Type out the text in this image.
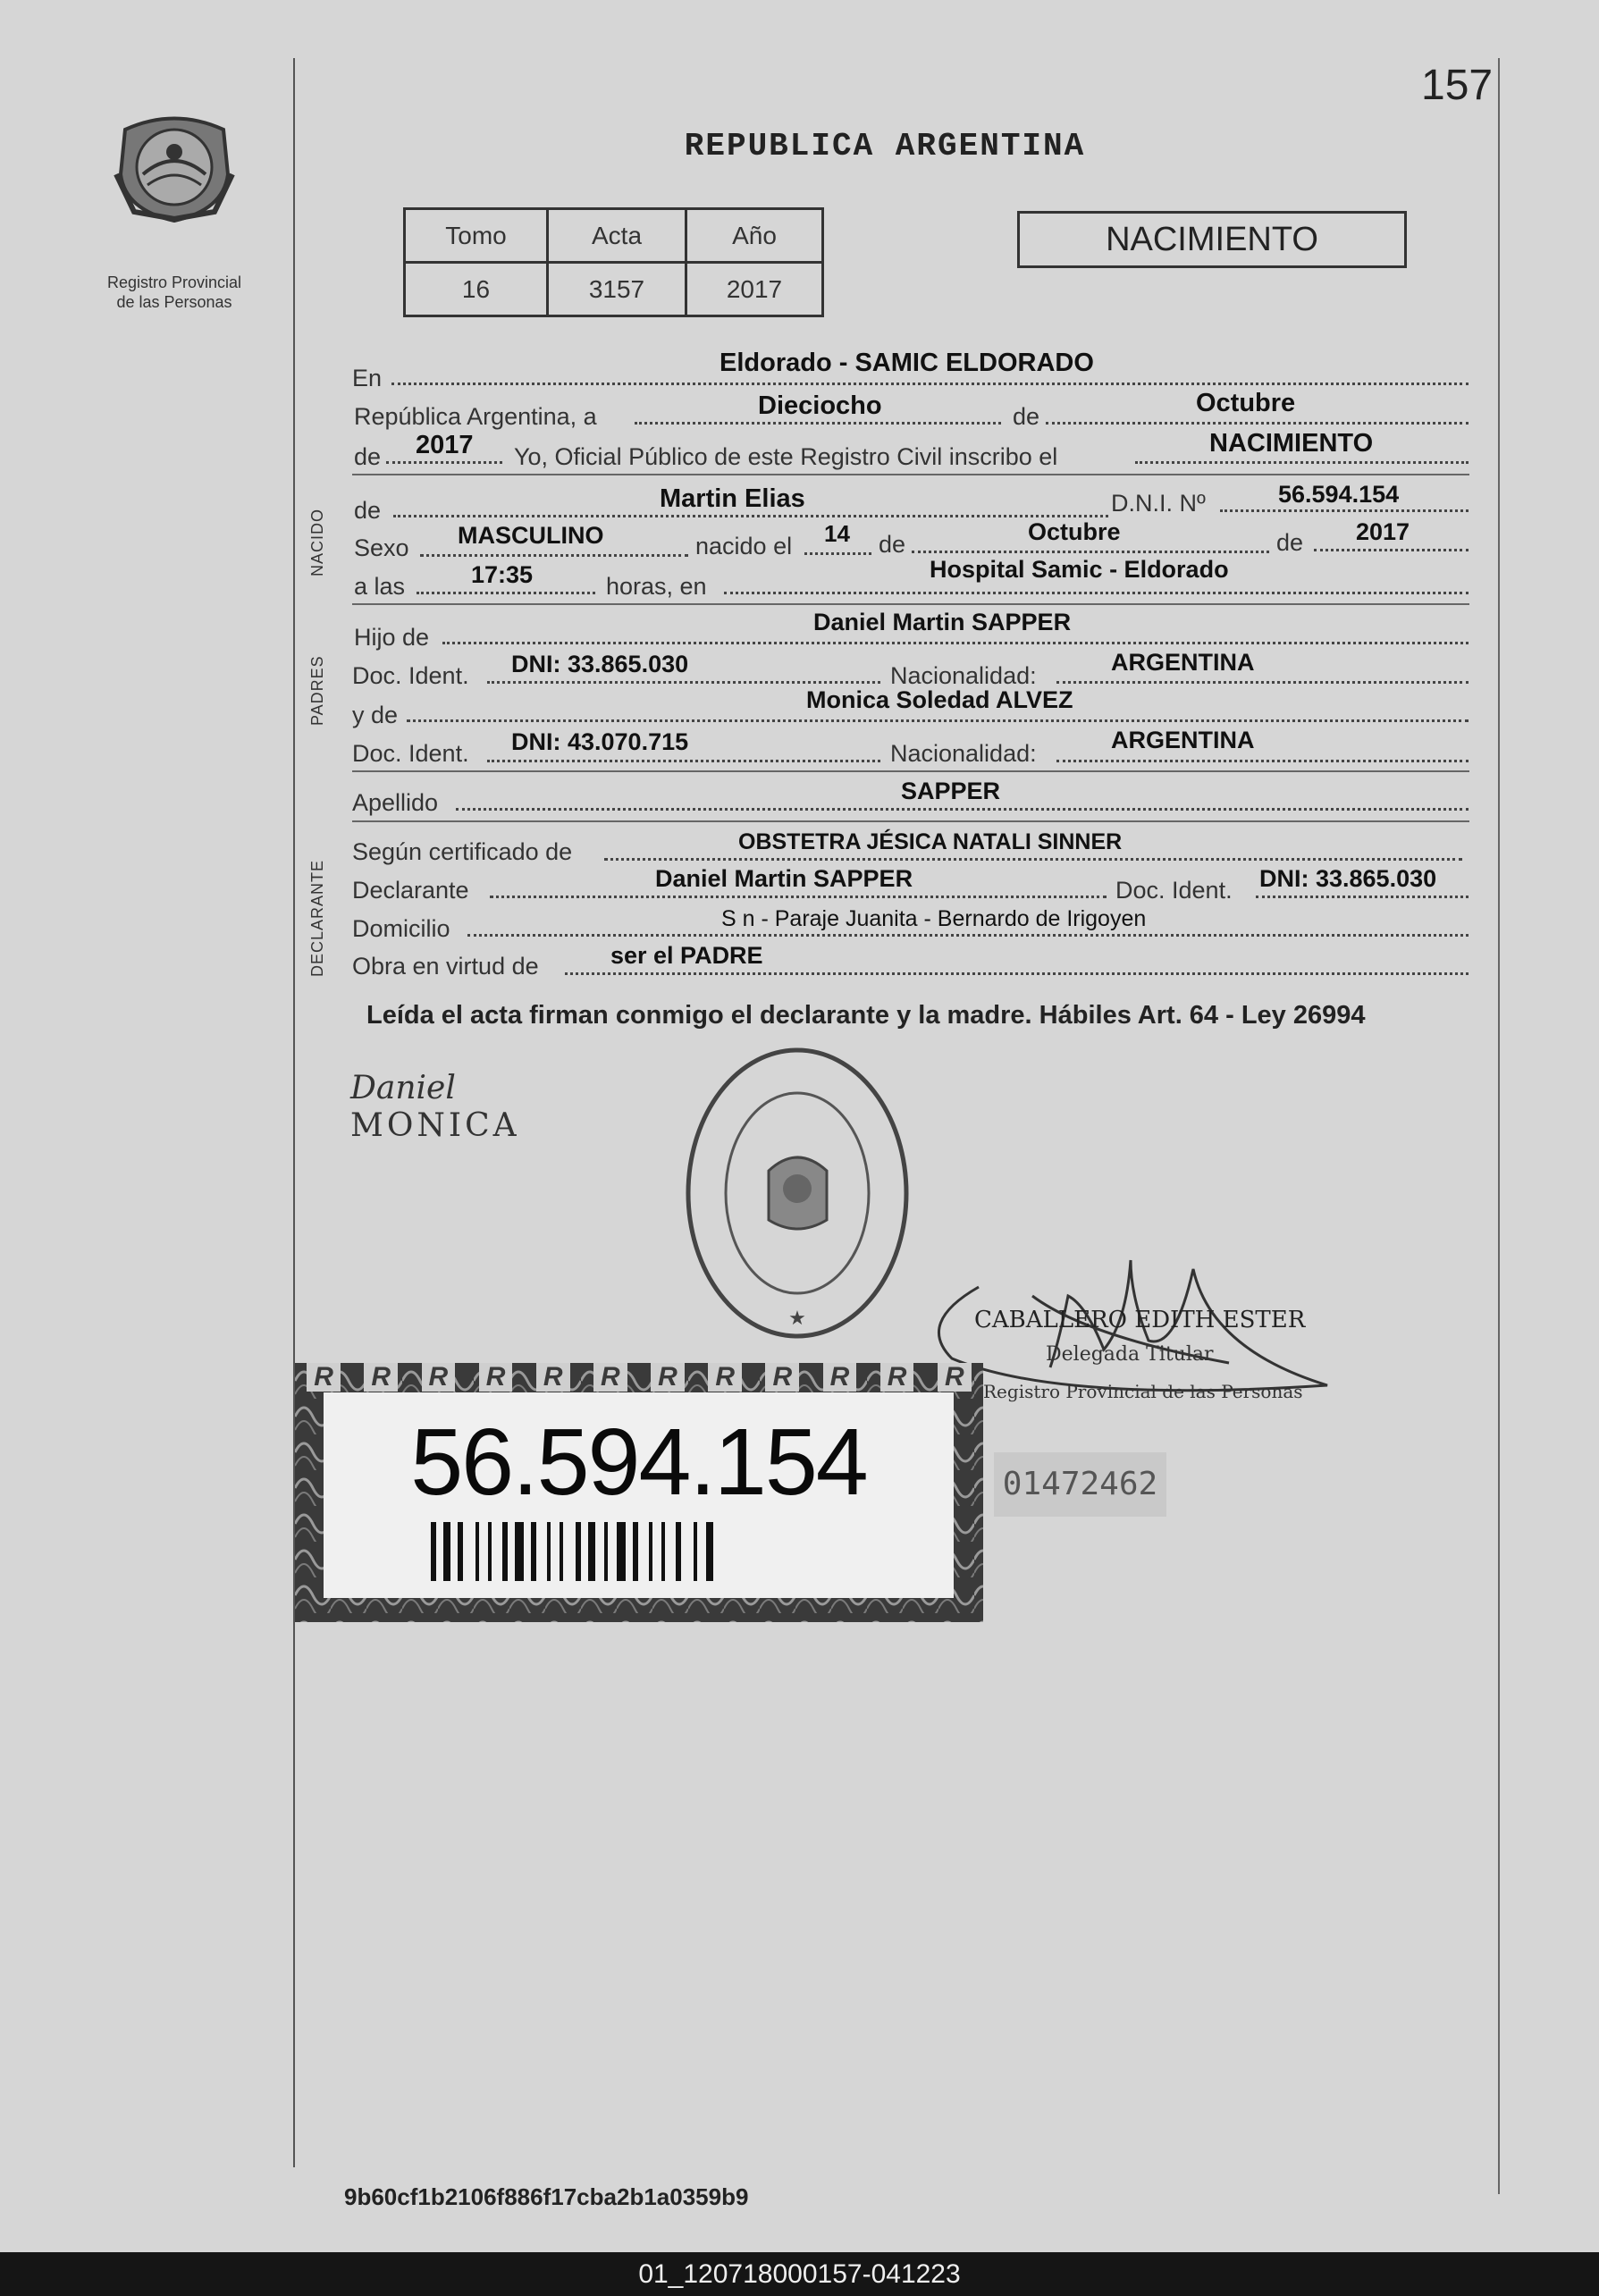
157
REPUBLICA ARGENTINA
Registro Provincial
de las Personas
Tomo	Acta	Año
16	3157	2017
NACIMIENTO
En
Eldorado - SAMIC ELDORADO
República Argentina, a	Dieciocho	de	Octubre
de 2017 Yo, Oficial Público de este Registro Civil inscribo el	NACIMIENTO
NACIDO de	Martin Elias	D.N.I. Nº	56.594.154
Sexo MASCULINO	nacido el 14 de	Octubre	de 2017
a las	17:35	horas, en
Hospital Samic - Eldorado
PADRES
Hijo de
Daniel Martin SAPPER
Doc. Ident. DNI: 33.865.030	Nacionalidad:	ARGENTINA
y de
Monica Soledad ALVEZ
Doc. Ident. DNI: 43.070.715	Nacionalidad:	ARGENTINA
Apellido	SAPPER
DECLARANTE
Según certificado de	OBSTETRA JÉSICA NATALI SINNER
Declarante	Daniel Martin SAPPER	Doc. Ident. DNI: 33.865.030
Domicilio	S n - Paraje Juanita - Bernardo de Irigoyen
Obra en virtud de	ser el PADRE
Leída el acta firman conmigo el declarante y la madre. Hábiles Art. 64 - Ley 26994
Daniel
MONICA
★	CABALLERO EDITH ESTER
Delegada Titular
Registro Provincial de las Personas
R R R R R R R R R R R R
56.594.154	01472462
9b60cf1b2106f886f17cba2b1a0359b9
01_120718000157-041223
